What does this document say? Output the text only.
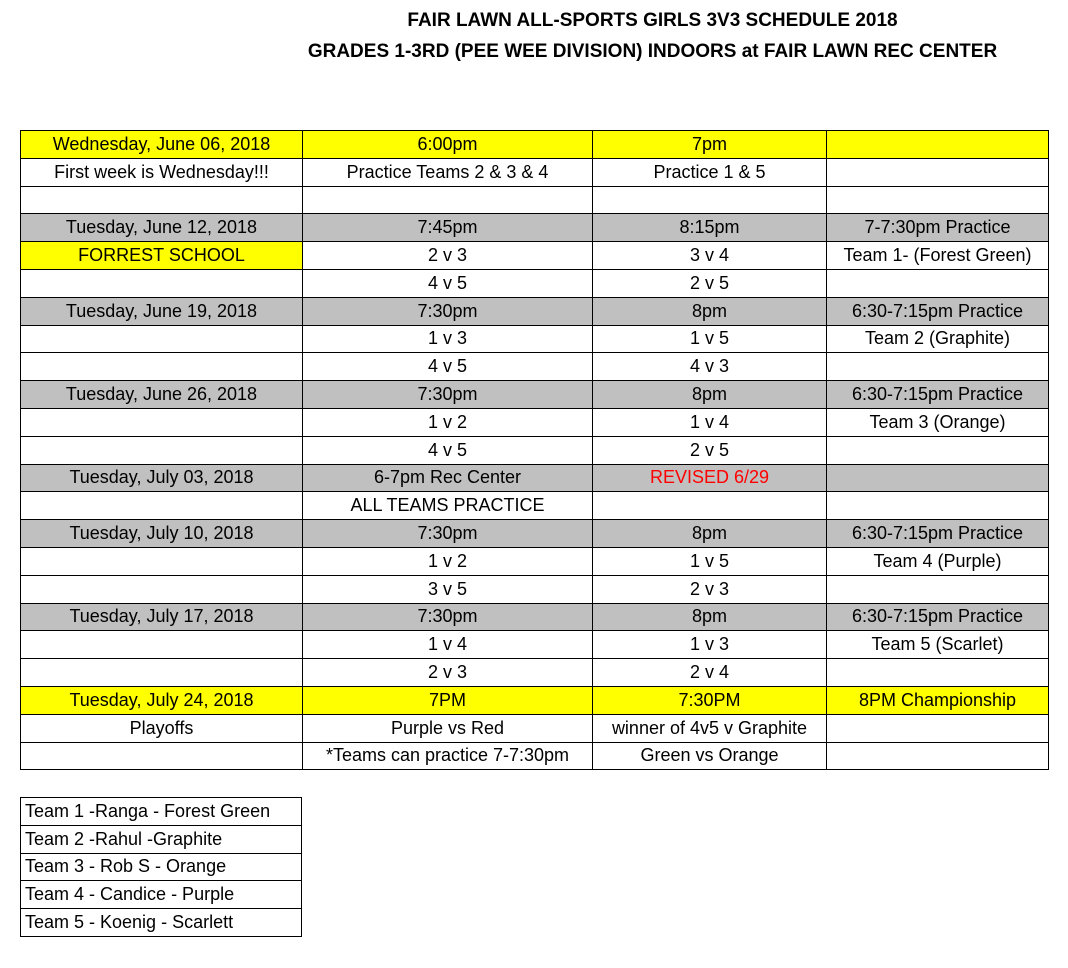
FAIR LAWN ALL-SPORTS GIRLS 3V3 SCHEDULE 2018
GRADES 1-3RD (PEE WEE DIVISION) INDOORS at FAIR LAWN REC CENTER
Wednesday, June 06, 2018	6:00pm	7pm	
First week is Wednesday!!!	Practice Teams 2 & 3 & 4	Practice 1 & 5	

Tuesday, June 12, 2018	7:45pm	8:15pm	7-7:30pm Practice
FORREST SCHOOL	2 v 3	3 v 4	Team 1- (Forest Green)
	4 v 5	2 v 5	
Tuesday, June 19, 2018	7:30pm	8pm	6:30-7:15pm Practice
	1 v 3	1 v 5	Team 2 (Graphite)
	4 v 5	4 v 3	
Tuesday, June 26, 2018	7:30pm	8pm	6:30-7:15pm Practice
	1 v 2	1 v 4	Team 3 (Orange)
	4 v 5	2 v 5	
Tuesday, July 03, 2018	6-7pm Rec Center	REVISED 6/29	
	ALL TEAMS PRACTICE		
Tuesday, July 10, 2018	7:30pm	8pm	6:30-7:15pm Practice
	1 v 2	1 v 5	Team 4 (Purple)
	3 v 5	2 v 3	
Tuesday, July 17, 2018	7:30pm	8pm	6:30-7:15pm Practice
	1 v 4	1 v 3	Team 5 (Scarlet)
	2 v 3	2 v 4	
Tuesday, July 24, 2018	7PM	7:30PM	8PM Championship
Playoffs	Purple vs Red	winner of 4v5 v Graphite	
	*Teams can practice 7-7:30pm	Green vs Orange	
Team 1 -Ranga - Forest Green
Team 2 -Rahul -Graphite
Team 3 - Rob S - Orange
Team 4 - Candice - Purple
Team 5 - Koenig - Scarlett
